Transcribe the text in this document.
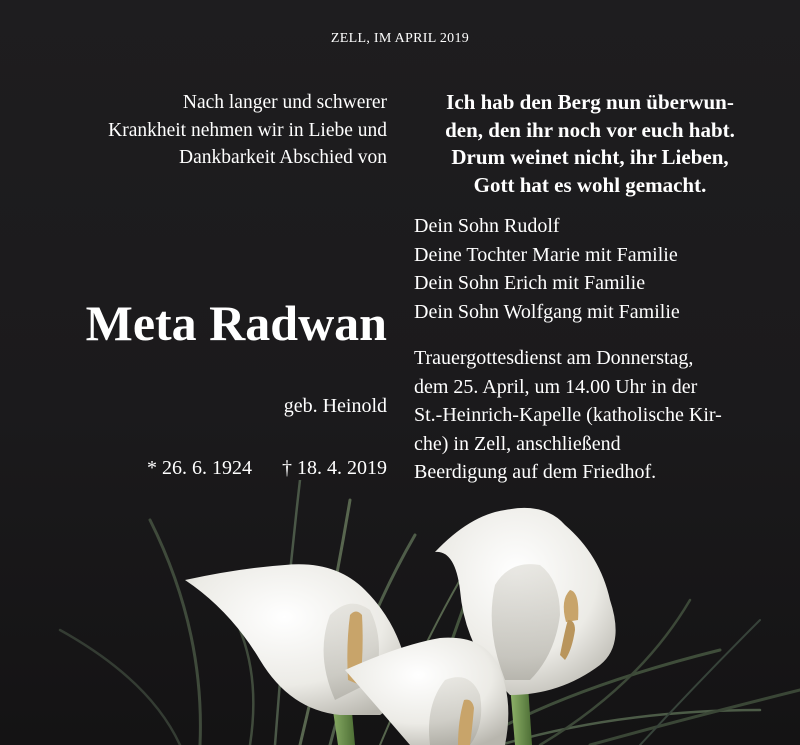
ZELL, IM APRIL 2019
Nach langer und schwerer
Krankheit nehmen wir in Liebe und
Dankbarkeit Abschied von
Ich hab den Berg nun überwun-
den, den ihr noch vor euch habt.
Drum weinet nicht, ihr Lieben,
Gott hat es wohl gemacht.
Dein Sohn Rudolf
Deine Tochter Marie mit Familie
Dein Sohn Erich mit Familie
Dein Sohn Wolfgang mit Familie
Meta Radwan
geb. Heinold
* 26. 6. 1924 † 18. 4. 2019
Trauergottesdienst am Donnerstag,
dem 25. April, um 14.00 Uhr in der
St.-Heinrich-Kapelle (katholische Kir-
che) in Zell, anschließend
Beerdigung auf dem Friedhof.
